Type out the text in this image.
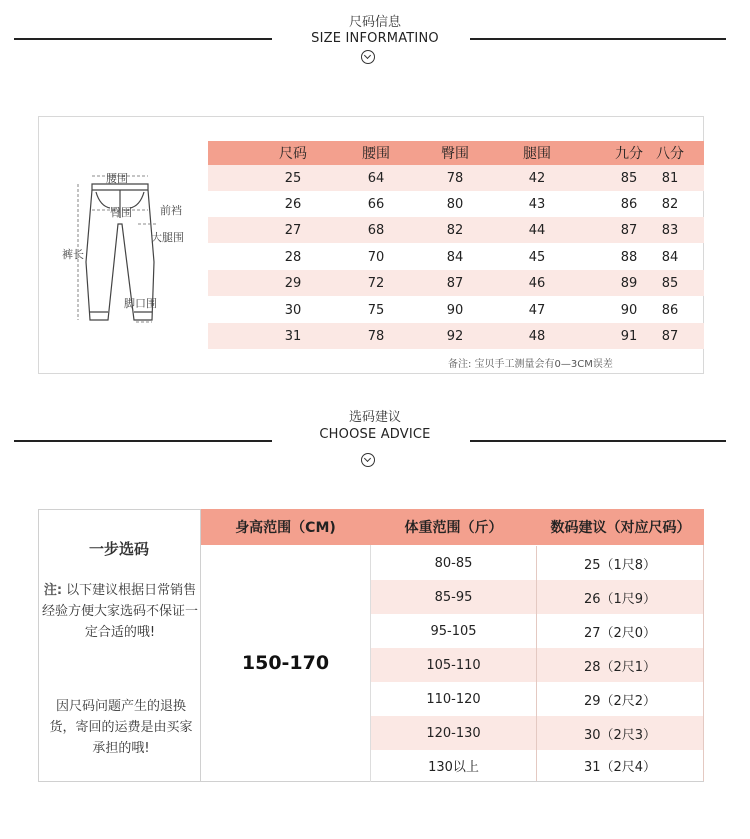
尺码信息
SIZE INFORMATINO
腰围
臀围	前裆
大腿围
裤长
脚口围
尺码	腰围	臀围	腿围	九分 八分
25	64	78	42	85	81
26	66	80	43	86	82
27	68	82	44	87	83
28	70	84	45	88	84
29	72	87	46	89	85
30	75	90	47	90	86
31	78	92	48	91	87
备注: 宝贝手工测量会有0—3CM误差
选码建议
CHOOSE ADVICE
一步选码
注: 以下建议根据日常销售经验方便大家选码不保证一定合适的哦!
因尺码问题产生的退换货，寄回的运费是由买家承担的哦!
身高范围（CM)	体重范围（斤）	数码建议（对应尺码）
150-170
80-85	25（1尺8）
85-95	26（1尺9）
95-105	27（2尺0）
105-110	28（2尺1）
110-120	29（2尺2）
120-130	30（2尺3）
130以上	31（2尺4）
